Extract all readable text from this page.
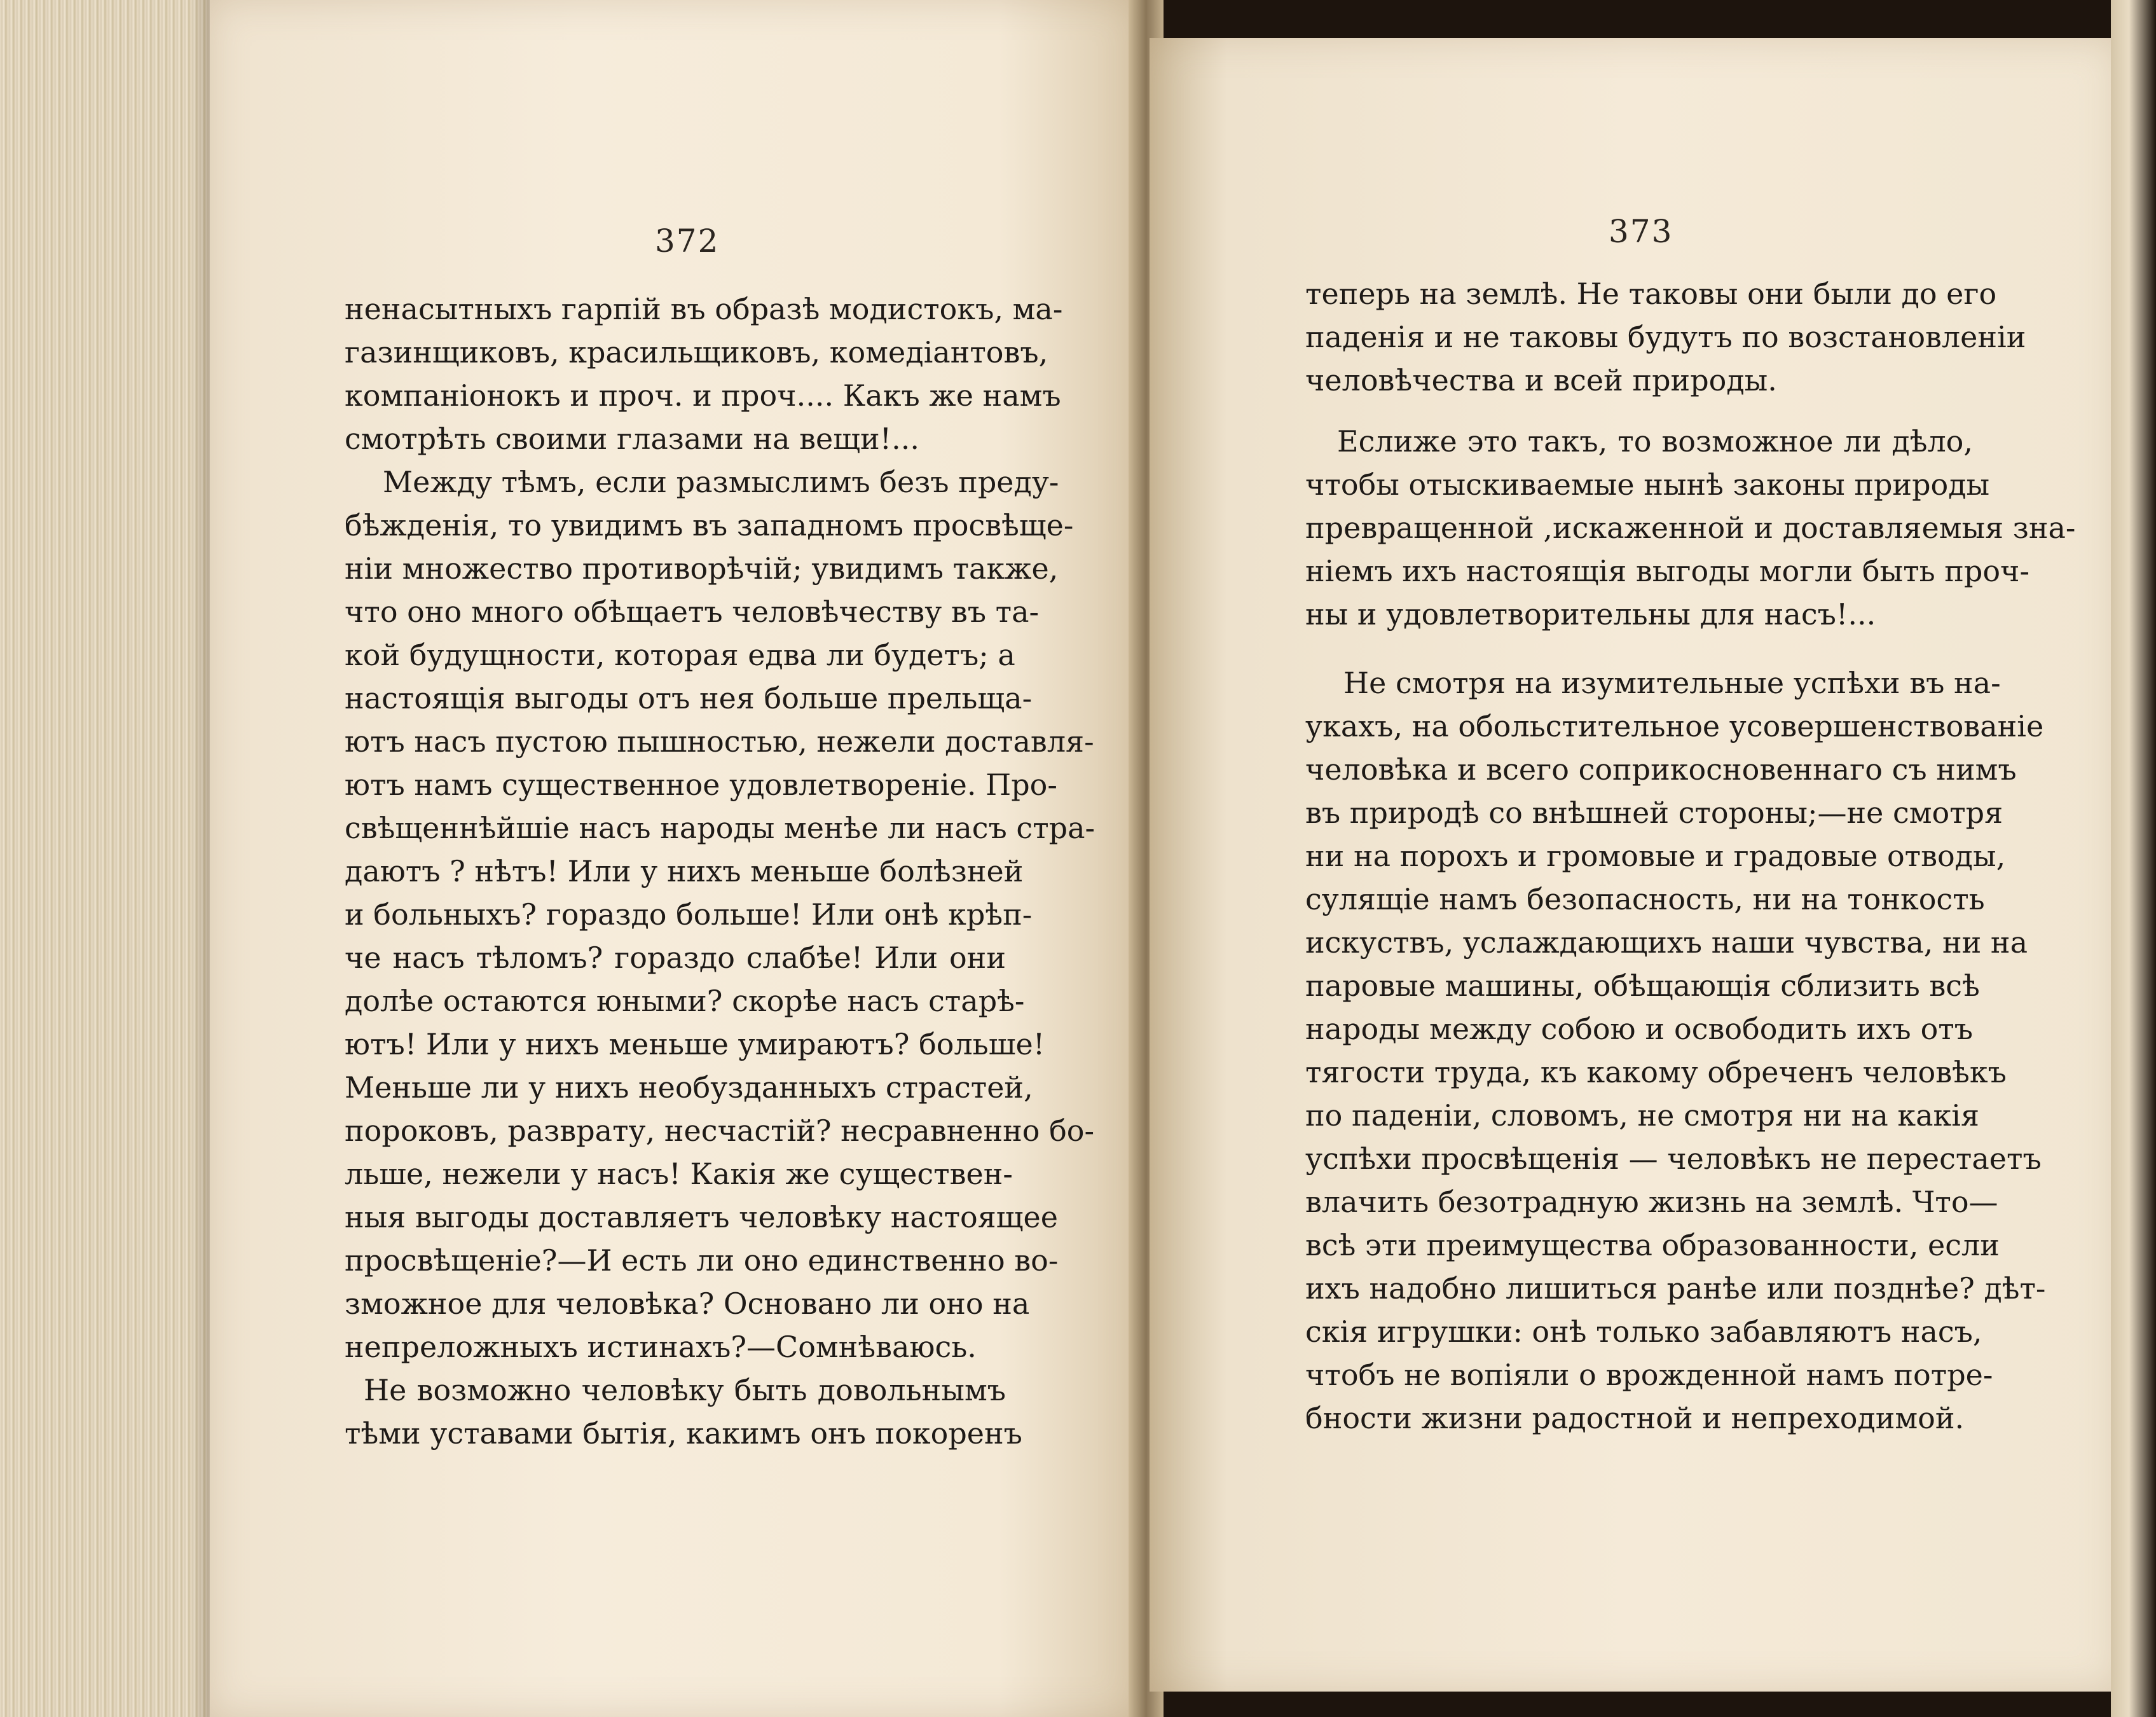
372
ненасытныхъ гарпій въ образѣ модистокъ, ма-
газинщиковъ, красильщиковъ, комедіантовъ,
компаніонокъ и проч. и проч.... Какъ же намъ
смотрѣть своими глазами на вещи!...
Между тѣмъ, если размыслимъ безъ преду-
бѣжденія, то увидимъ въ западномъ просвѣще-
ніи множество противорѣчій; увидимъ также,
что оно много обѣщаетъ человѣчеству въ та-
кой будущности, которая едва ли будетъ; а
настоящія выгоды отъ нея больше прельща-
ютъ насъ пустою пышностью, нежели доставля-
ютъ намъ существенное удовлетвореніе. Про-
свѣщеннѣйшіе насъ народы менѣе ли насъ стра-
даютъ ? нѣтъ! Или у нихъ меньше болѣзней
и больныхъ? гораздо больше! Или онѣ крѣп-
че насъ тѣломъ? гораздо слабѣе! Или они
долѣе остаются юными? скорѣе насъ старѣ-
ютъ! Или у нихъ меньше умираютъ? больше!
Меньше ли у нихъ необузданныхъ страстей,
пороковъ, разврату, несчастій? несравненно бо-
льше, нежели у насъ! Какія же существен-
ныя выгоды доставляетъ человѣку настоящее
просвѣщеніе?—И есть ли оно единственно во-
зможное для человѣка? Основано ли оно на
непреложныхъ истинахъ?—Сомнѣваюсь.
Не возможно человѣку быть довольнымъ
тѣми уставами бытія, какимъ онъ покоренъ
373
теперь на землѣ. Не таковы они были до его
паденія и не таковы будутъ по возстановленіи
человѣчества и всей природы.
Еслиже это такъ, то возможное ли дѣло,
чтобы отыскиваемые нынѣ законы природы
превращенной ,искаженной и доставляемыя зна-
ніемъ ихъ настоящія выгоды могли быть проч-
ны и удовлетворительны для насъ!...
Не смотря на изумительные успѣхи въ на-
укахъ, на обольстительное усовершенствованіе
человѣка и всего соприкосновеннаго съ нимъ
въ природѣ со внѣшней стороны;—не смотря
ни на порохъ и громовые и градовые отводы,
сулящіе намъ безопасность, ни на тонкость
искуствъ, услаждающихъ наши чувства, ни на
паровые машины, обѣщающія сблизить всѣ
народы между собою и освободить ихъ отъ
тягости труда, къ какому обреченъ человѣкъ
по паденіи, словомъ, не смотря ни на какія
успѣхи просвѣщенія — человѣкъ не перестаетъ
влачить безотрадную жизнь на землѣ. Что—
всѣ эти преимущества образованности, если
ихъ надобно лишиться ранѣе или позднѣе? дѣт-
скія игрушки: онѣ только забавляютъ насъ,
чтобъ не вопіяли о врожденной намъ потре-
бности жизни радостной и непреходимой.
